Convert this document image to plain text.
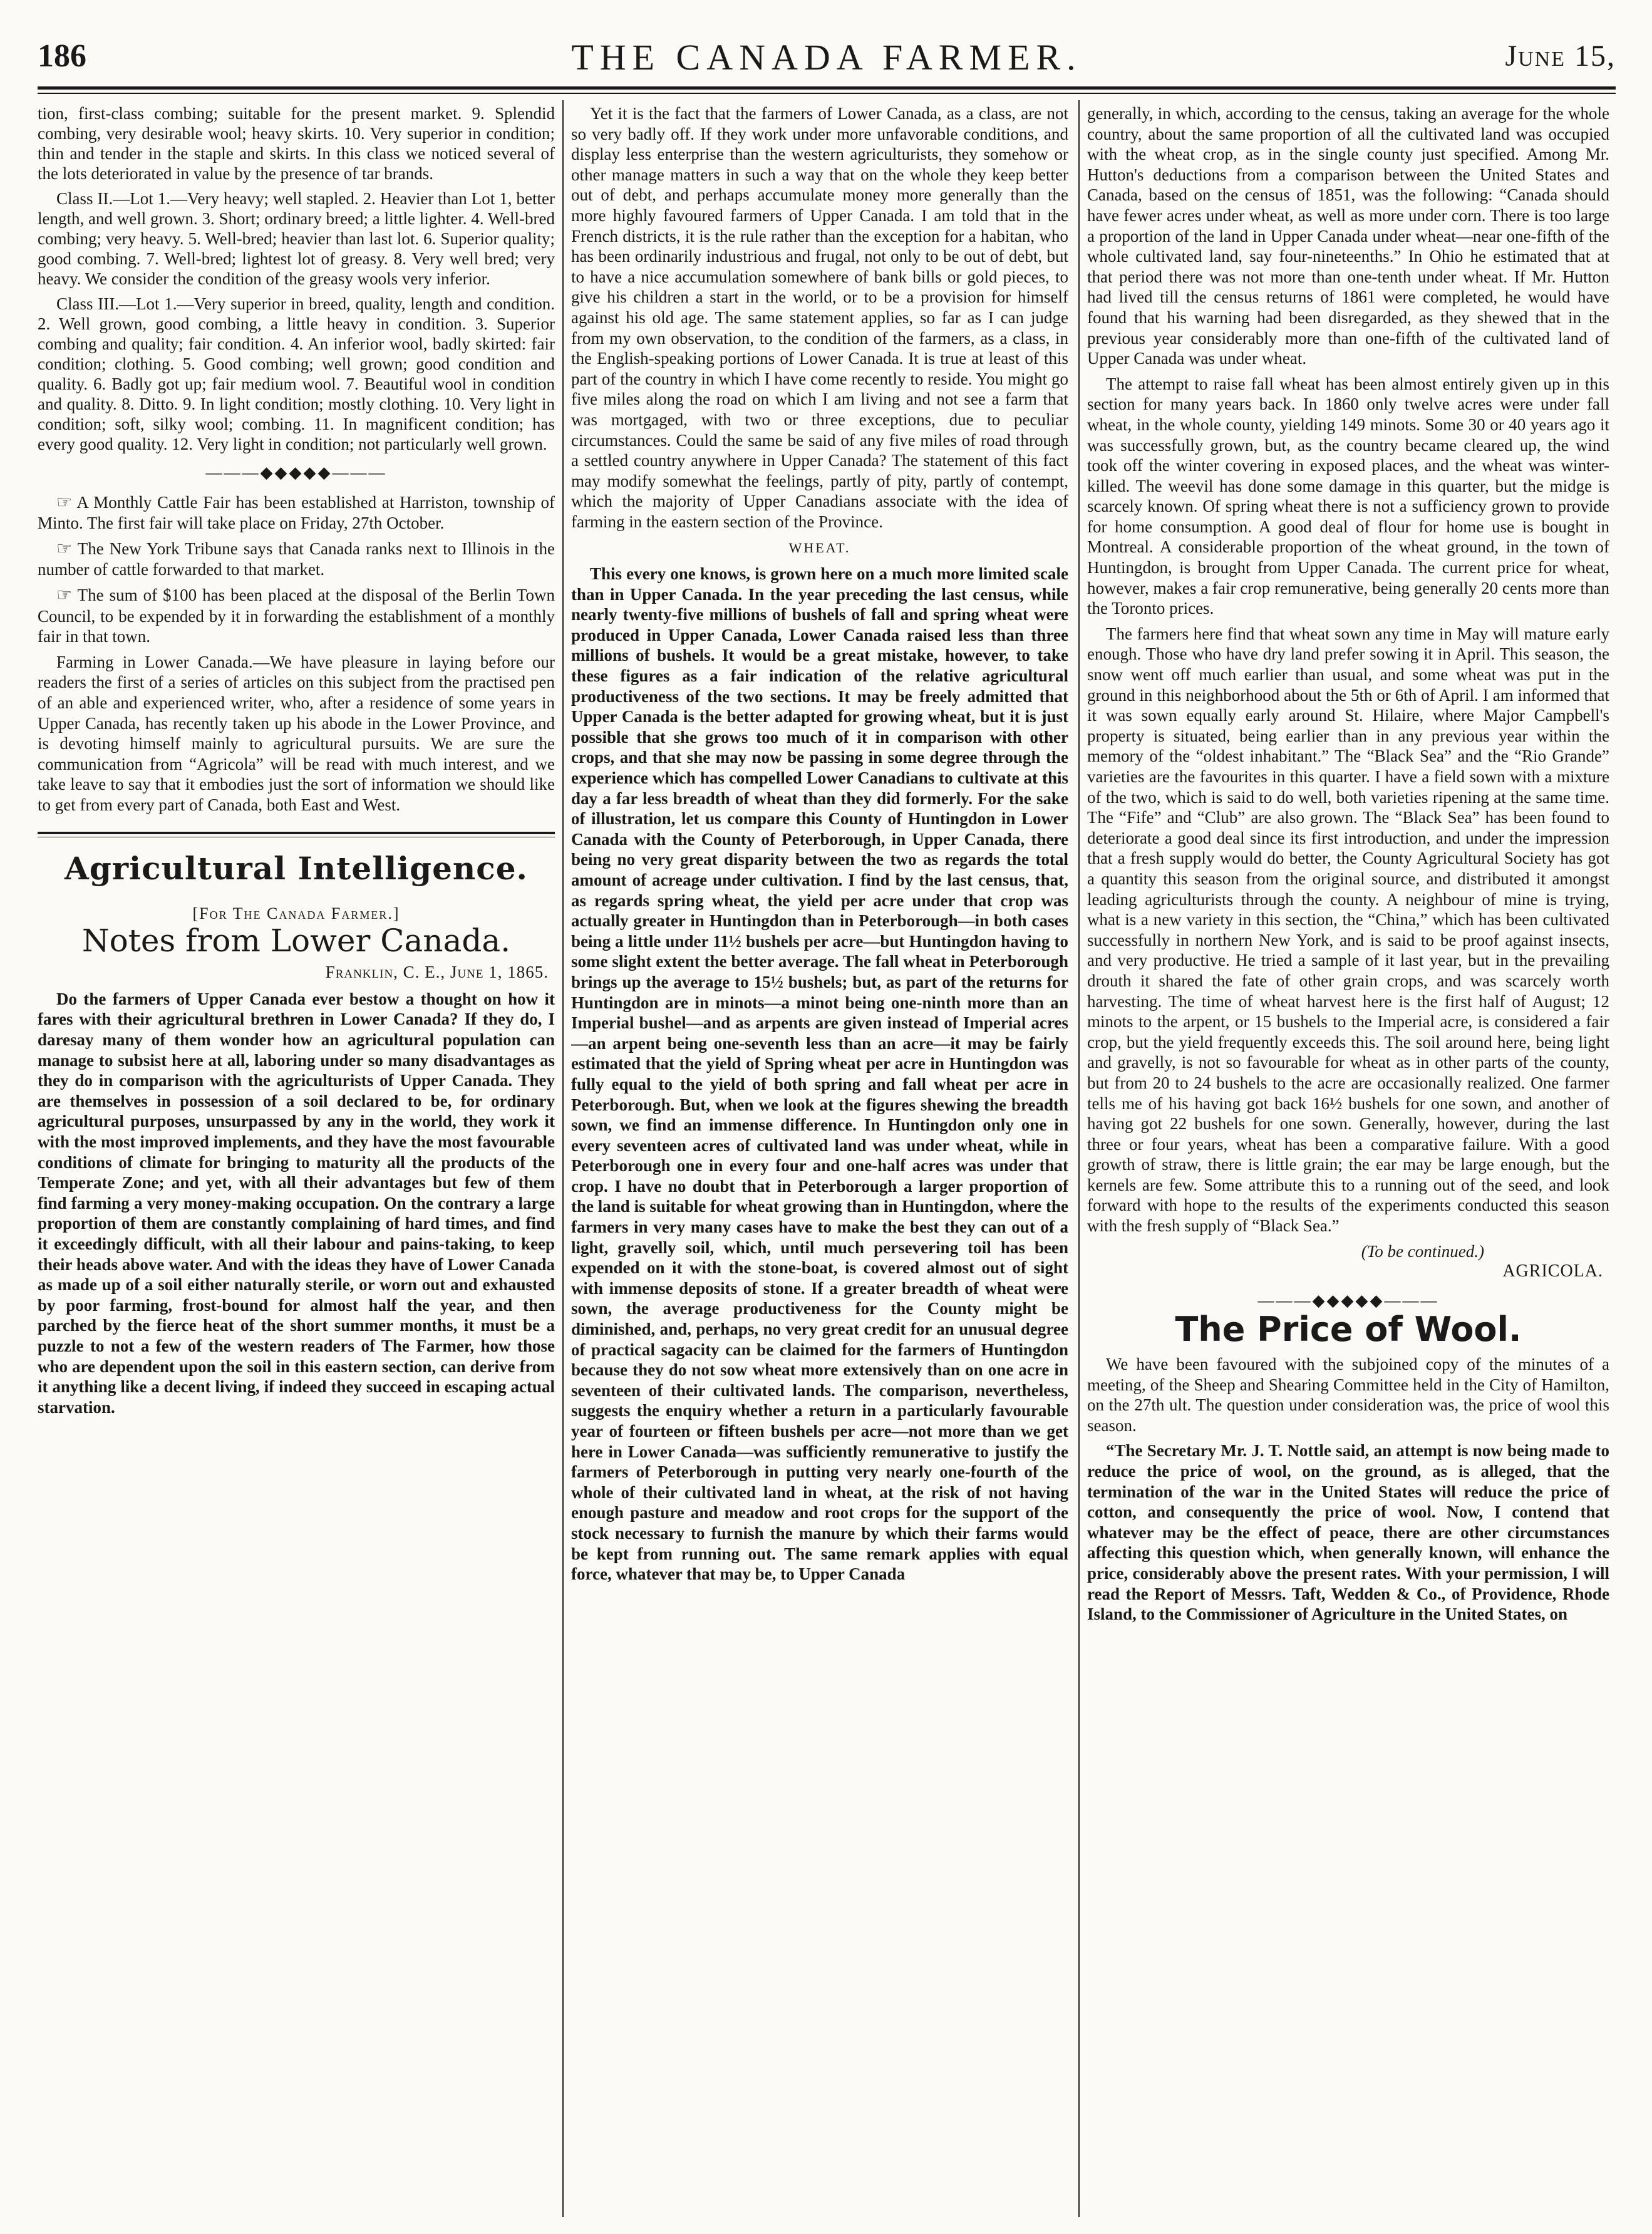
186	THE CANADA FARMER.	June 15,

tion, first-class combing; suitable for the present market. 9. Splendid combing, very desirable wool; heavy skirts. 10. Very superior in condition; thin and tender in the staple and skirts. In this class we noticed several of the lots deteriorated in value by the presence of tar brands.

Class II.—Lot 1.—Very heavy; well stapled. 2. Heavier than Lot 1, better length, and well grown. 3. Short; ordinary breed; a little lighter. 4. Well-bred combing; very heavy. 5. Well-bred; heavier than last lot. 6. Superior quality; good combing. 7. Well-bred; lightest lot of greasy. 8. Very well bred; very heavy. We consider the condition of the greasy wools very inferior.

Class III.—Lot 1.—Very superior in breed, quality, length and condition. 2. Well grown, good combing, a little heavy in condition. 3. Superior combing and quality; fair condition. 4. An inferior wool, badly skirted: fair condition; clothing. 5. Good combing; well grown; good condition and quality. 6. Badly got up; fair medium wool. 7. Beautiful wool in condition and quality. 8. Ditto. 9. In light condition; mostly clothing. 10. Very light in condition; soft, silky wool; combing. 11. In magnificent condition; has every good quality. 12. Very light in condition; not particularly well grown.

———◆◆◆◆◆———

☞ A Monthly Cattle Fair has been established at Harriston, township of Minto. The first fair will take place on Friday, 27th October.

☞ The New York Tribune says that Canada ranks next to Illinois in the number of cattle forwarded to that market.

☞ The sum of $100 has been placed at the disposal of the Berlin Town Council, to be expended by it in forwarding the establishment of a monthly fair in that town.

Farming in Lower Canada.—We have pleasure in laying before our readers the first of a series of articles on this subject from the practised pen of an able and experienced writer, who, after a residence of some years in Upper Canada, has recently taken up his abode in the Lower Province, and is devoting himself mainly to agricultural pursuits. We are sure the communication from “Agricola” will be read with much interest, and we take leave to say that it embodies just the sort of information we should like to get from every part of Canada, both East and West.

Agricultural Intelligence.
[For The Canada Farmer.]
Notes from Lower Canada.
Franklin, C. E., June 1, 1865.

Do the farmers of Upper Canada ever bestow a thought on how it fares with their agricultural brethren in Lower Canada? If they do, I daresay many of them wonder how an agricultural population can manage to subsist here at all, laboring under so many disadvantages as they do in comparison with the agriculturists of Upper Canada. They are themselves in possession of a soil declared to be, for ordinary agricultural purposes, unsurpassed by any in the world, they work it with the most improved implements, and they have the most favourable conditions of climate for bringing to maturity all the products of the Temperate Zone; and yet, with all their advantages but few of them find farming a very money-making occupation. On the contrary a large proportion of them are constantly complaining of hard times, and find it exceedingly difficult, with all their labour and pains-taking, to keep their heads above water. And with the ideas they have of Lower Canada as made up of a soil either naturally sterile, or worn out and exhausted by poor farming, frost-bound for almost half the year, and then parched by the fierce heat of the short summer months, it must be a puzzle to not a few of the western readers of The Farmer, how those who are dependent upon the soil in this eastern section, can derive from it anything like a decent living, if indeed they succeed in escaping actual starvation.

Yet it is the fact that the farmers of Lower Canada, as a class, are not so very badly off. If they work under more unfavorable conditions, and display less enterprise than the western agriculturists, they somehow or other manage matters in such a way that on the whole they keep better out of debt, and perhaps accumulate money more generally than the more highly favoured farmers of Upper Canada. I am told that in the French districts, it is the rule rather than the exception for a habitan, who has been ordinarily industrious and frugal, not only to be out of debt, but to have a nice accumulation somewhere of bank bills or gold pieces, to give his children a start in the world, or to be a provision for himself against his old age. The same statement applies, so far as I can judge from my own observation, to the condition of the farmers, as a class, in the English-speaking portions of Lower Canada. It is true at least of this part of the country in which I have come recently to reside. You might go five miles along the road on which I am living and not see a farm that was mortgaged, with two or three exceptions, due to peculiar circumstances. Could the same be said of any five miles of road through a settled country anywhere in Upper Canada? The statement of this fact may modify somewhat the feelings, partly of pity, partly of contempt, which the majority of Upper Canadians associate with the idea of farming in the eastern section of the Province.

WHEAT.

This every one knows, is grown here on a much more limited scale than in Upper Canada. In the year preceding the last census, while nearly twenty-five millions of bushels of fall and spring wheat were produced in Upper Canada, Lower Canada raised less than three millions of bushels. It would be a great mistake, however, to take these figures as a fair indication of the relative agricultural productiveness of the two sections. It may be freely admitted that Upper Canada is the better adapted for growing wheat, but it is just possible that she grows too much of it in comparison with other crops, and that she may now be passing in some degree through the experience which has compelled Lower Canadians to cultivate at this day a far less breadth of wheat than they did formerly. For the sake of illustration, let us compare this County of Huntingdon in Lower Canada with the County of Peterborough, in Upper Canada, there being no very great disparity between the two as regards the total amount of acreage under cultivation. I find by the last census, that, as regards spring wheat, the yield per acre under that crop was actually greater in Huntingdon than in Peterborough—in both cases being a little under 11½ bushels per acre—but Huntingdon having to some slight extent the better average. The fall wheat in Peterborough brings up the average to 15½ bushels; but, as part of the returns for Huntingdon are in minots—a minot being one-ninth more than an Imperial bushel—and as arpents are given instead of Imperial acres—an arpent being one-seventh less than an acre—it may be fairly estimated that the yield of Spring wheat per acre in Huntingdon was fully equal to the yield of both spring and fall wheat per acre in Peterborough. But, when we look at the figures shewing the breadth sown, we find an immense difference. In Huntingdon only one in every seventeen acres of cultivated land was under wheat, while in Peterborough one in every four and one-half acres was under that crop. I have no doubt that in Peterborough a larger proportion of the land is suitable for wheat growing than in Huntingdon, where the farmers in very many cases have to make the best they can out of a light, gravelly soil, which, until much persevering toil has been expended on it with the stone-boat, is covered almost out of sight with immense deposits of stone. If a greater breadth of wheat were sown, the average productiveness for the County might be diminished, and, perhaps, no very great credit for an unusual degree of practical sagacity can be claimed for the farmers of Huntingdon because they do not sow wheat more extensively than on one acre in seventeen of their cultivated lands. The comparison, nevertheless, suggests the enquiry whether a return in a particularly favourable year of fourteen or fifteen bushels per acre—not more than we get here in Lower Canada—was sufficiently remunerative to justify the farmers of Peterborough in putting very nearly one-fourth of the whole of their cultivated land in wheat, at the risk of not having enough pasture and meadow and root crops for the support of the stock necessary to furnish the manure by which their farms would be kept from running out. The same remark applies with equal force, whatever that may be, to Upper Canada

generally, in which, according to the census, taking an average for the whole country, about the same proportion of all the cultivated land was occupied with the wheat crop, as in the single county just specified. Among Mr. Hutton's deductions from a comparison between the United States and Canada, based on the census of 1851, was the following: “Canada should have fewer acres under wheat, as well as more under corn. There is too large a proportion of the land in Upper Canada under wheat—near one-fifth of the whole cultivated land, say four-nineteenths.” In Ohio he estimated that at that period there was not more than one-tenth under wheat. If Mr. Hutton had lived till the census returns of 1861 were completed, he would have found that his warning had been disregarded, as they shewed that in the previous year considerably more than one-fifth of the cultivated land of Upper Canada was under wheat.

The attempt to raise fall wheat has been almost entirely given up in this section for many years back. In 1860 only twelve acres were under fall wheat, in the whole county, yielding 149 minots. Some 30 or 40 years ago it was successfully grown, but, as the country became cleared up, the wind took off the winter covering in exposed places, and the wheat was winter-killed. The weevil has done some damage in this quarter, but the midge is scarcely known. Of spring wheat there is not a sufficiency grown to provide for home consumption. A good deal of flour for home use is bought in Montreal. A considerable proportion of the wheat ground, in the town of Huntingdon, is brought from Upper Canada. The current price for wheat, however, makes a fair crop remunerative, being generally 20 cents more than the Toronto prices.

The farmers here find that wheat sown any time in May will mature early enough. Those who have dry land prefer sowing it in April. This season, the snow went off much earlier than usual, and some wheat was put in the ground in this neighborhood about the 5th or 6th of April. I am informed that it was sown equally early around St. Hilaire, where Major Campbell's property is situated, being earlier than in any previous year within the memory of the “oldest inhabitant.” The “Black Sea” and the “Rio Grande” varieties are the favourites in this quarter. I have a field sown with a mixture of the two, which is said to do well, both varieties ripening at the same time. The “Fife” and “Club” are also grown. The “Black Sea” has been found to deteriorate a good deal since its first introduction, and under the impression that a fresh supply would do better, the County Agricultural Society has got a quantity this season from the original source, and distributed it amongst leading agriculturists through the county. A neighbour of mine is trying, what is a new variety in this section, the “China,” which has been cultivated successfully in northern New York, and is said to be proof against insects, and very productive. He tried a sample of it last year, but in the prevailing drouth it shared the fate of other grain crops, and was scarcely worth harvesting. The time of wheat harvest here is the first half of August; 12 minots to the arpent, or 15 bushels to the Imperial acre, is considered a fair crop, but the yield frequently exceeds this. The soil around here, being light and gravelly, is not so favourable for wheat as in other parts of the county, but from 20 to 24 bushels to the acre are occasionally realized. One farmer tells me of his having got back 16½ bushels for one sown, and another of having got 22 bushels for one sown. Generally, however, during the last three or four years, wheat has been a comparative failure. With a good growth of straw, there is little grain; the ear may be large enough, but the kernels are few. Some attribute this to a running out of the seed, and look forward with hope to the results of the experiments conducted this season with the fresh supply of “Black Sea.”

(To be continued.)
AGRICOLA.
———◆◆◆◆◆———
The Price of Wool.

We have been favoured with the subjoined copy of the minutes of a meeting, of the Sheep and Shearing Committee held in the City of Hamilton, on the 27th ult. The question under consideration was, the price of wool this season.

“The Secretary Mr. J. T. Nottle said, an attempt is now being made to reduce the price of wool, on the ground, as is alleged, that the termination of the war in the United States will reduce the price of cotton, and consequently the price of wool. Now, I contend that whatever may be the effect of peace, there are other circumstances affecting this question which, when generally known, will enhance the price, considerably above the present rates. With your permission, I will read the Report of Messrs. Taft, Wedden & Co., of Providence, Rhode Island, to the Commissioner of Agriculture in the United States, on
